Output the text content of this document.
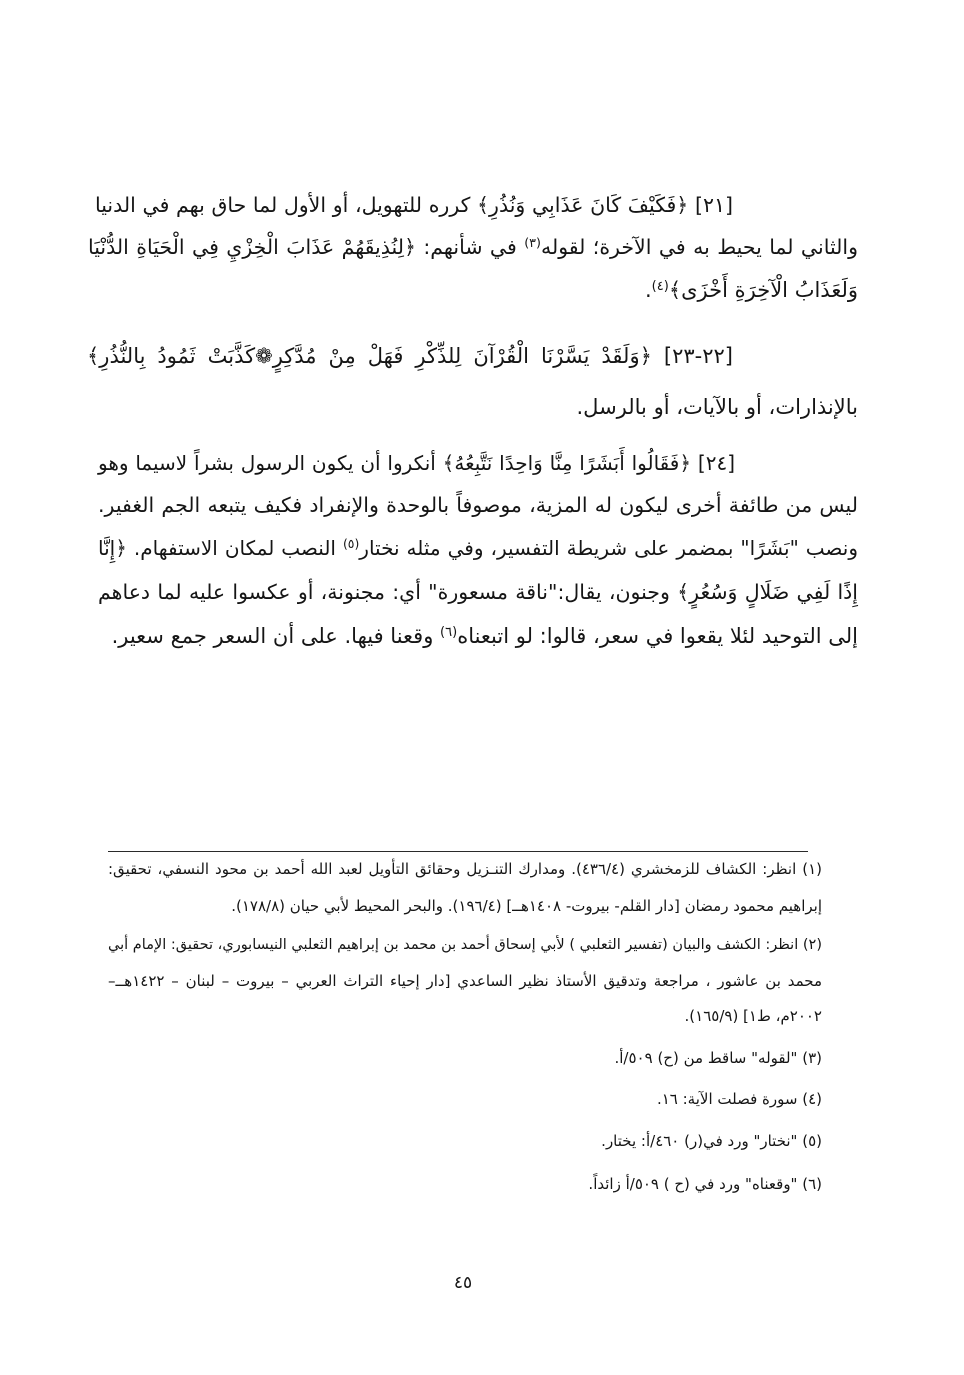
[٢١] ﴿فَكَيْفَ كَانَ عَذَابِي وَنُذُرِ﴾ كرره للتهويل، أو الأول لما حاق بهم في الدنيا
والثاني لما يحيط به في الآخرة؛ لقوله$^{(٣)}$ في شأنهم: ﴿لِنُذِيقَهُمْ عَذَابَ الْخِزْيِ فِي الْحَيَاةِ الدُّنْيَا
وَلَعَذَابُ الْآخِرَةِ أَخْزَى﴾$^{(٤)}$.
[٢٢-٢٣] ﴿وَلَقَدْ يَسَّرْنَا الْقُرْآنَ لِلذِّكْرِ فَهَلْ مِنْ مُدَّكِرٍ❁كَذَّبَتْ ثَمُودُ بِالنُّذُرِ﴾
بالإنذارات، أو بالآيات، أو بالرسل.
[٢٤] ﴿فَقَالُوا أَبَشَرًا مِنَّا وَاحِدًا نَتَّبِعُهُ﴾ أنكروا أن يكون الرسول بشراً لاسيما وهو
ليس من طائفة أخرى ليكون له المزية، موصوفاً بالوحدة والإنفراد فكيف يتبعه الجم الغفير.
ونصب "بَشَرًا" بمضمر على شريطة التفسير، وفي مثله نختار$^{(٥)}$ النصب لمكان الاستفهام. ﴿إِنَّا
إِذًا لَفِي ضَلَالٍ وَسُعُرٍ﴾ وجنون، يقال:"ناقة مسعورة" أي: مجنونة، أو عكسوا عليه لما دعاهم
إلى التوحيد لئلا يقعوا في سعر، قالوا: لو اتبعناه$^{(٦)}$ وقعنا فيها. على أن السعر جمع سعير.
(١) انظر: الكشاف للزمخشري (٤٣٦/٤). ومدارك التنـزيل وحقائق التأويل لعبد الله أحمد بن محود النسفي، تحقيق:
إبراهيم محمود رمضان [دار القلم- بيروت- ١٤٠٨هــ] (١٩٦/٤). والبحر المحيط لأبي حيان (١٧٨/٨).
(٢) انظر: الكشف والبيان (تفسير الثعلبي ) لأبي إسحاق أحمد بن محمد بن إبراهيم الثعلبي النيسابوري، تحقيق: الإمام أبي
محمد بن عاشور ، مراجعة وتدقيق الأستاذ نظير الساعدي [دار إحياء التراث العربي – بيروت – لبنان – ١٤٢٢هــ–
٢٠٠٢م، ط١] (١٦٥/٩).
(٣) "لقوله" ساقط من (ح) ٥٠٩/أ.
(٤) سورة فصلت الآية: ١٦.
(٥) "نختار" ورد في(ر) ٤٦٠/أ: يختار.
(٦) "وقعناه" ورد في (ح ) ٥٠٩/أ زائداً.
٤٥
